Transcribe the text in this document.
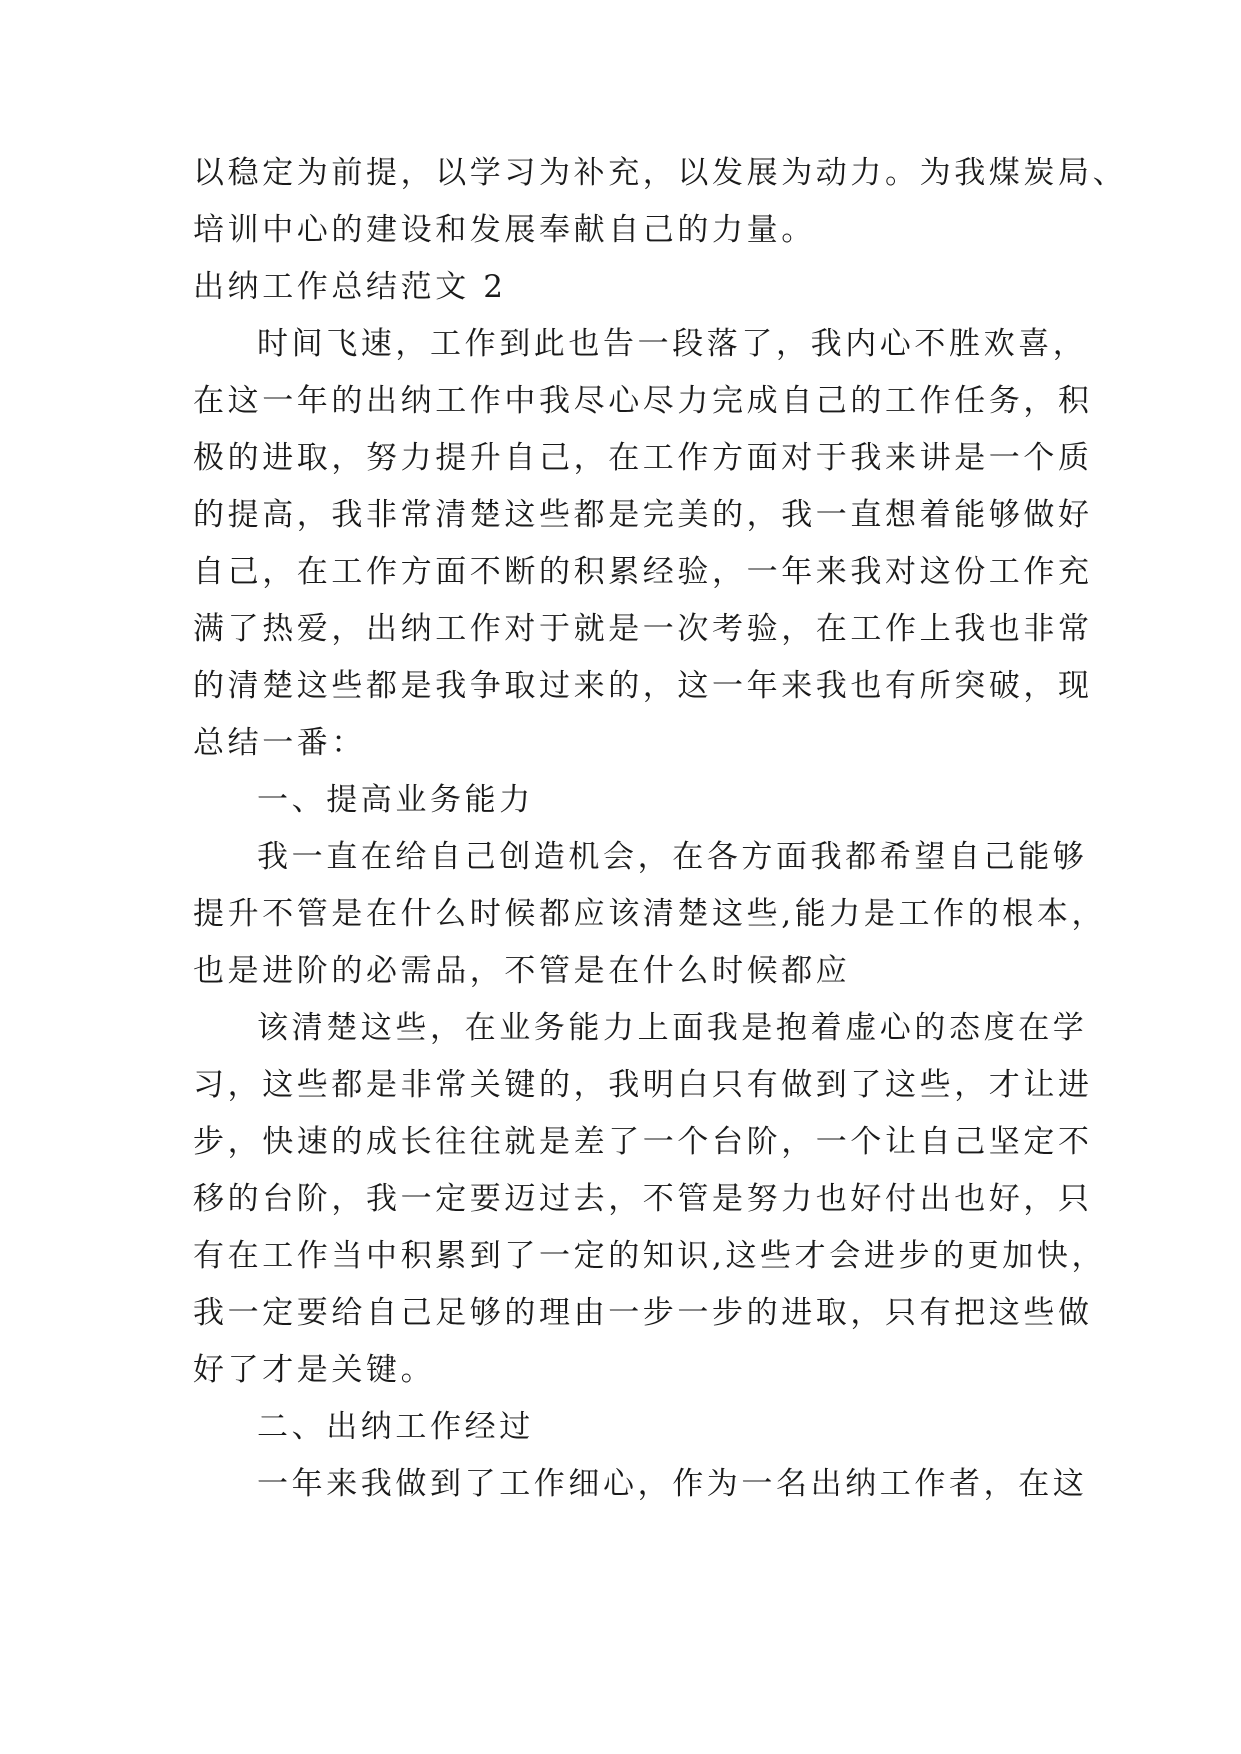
以稳定为前提，以学习为补充，以发展为动力。为我煤炭局、
培训中心的建设和发展奉献自己的力量。
出纳工作总结范文 2
时间飞速，工作到此也告一段落了，我内心不胜欢喜，
在这一年的出纳工作中我尽心尽力完成自己的工作任务，积
极的进取，努力提升自己，在工作方面对于我来讲是一个质
的提高，我非常清楚这些都是完美的，我一直想着能够做好
自己，在工作方面不断的积累经验，一年来我对这份工作充
满了热爱，出纳工作对于就是一次考验，在工作上我也非常
的清楚这些都是我争取过来的，这一年来我也有所突破，现
总结一番：
一、提高业务能力
我一直在给自己创造机会，在各方面我都希望自己能够
提升不管是在什么时候都应该清楚这些,能力是工作的根本，
也是进阶的必需品，不管是在什么时候都应
该清楚这些，在业务能力上面我是抱着虚心的态度在学
习，这些都是非常关键的，我明白只有做到了这些，才让进
步，快速的成长往往就是差了一个台阶，一个让自己坚定不
移的台阶，我一定要迈过去，不管是努力也好付出也好，只
有在工作当中积累到了一定的知识,这些才会进步的更加快，
我一定要给自己足够的理由一步一步的进取，只有把这些做
好了才是关键。
二、出纳工作经过
一年来我做到了工作细心，作为一名出纳工作者，在这
